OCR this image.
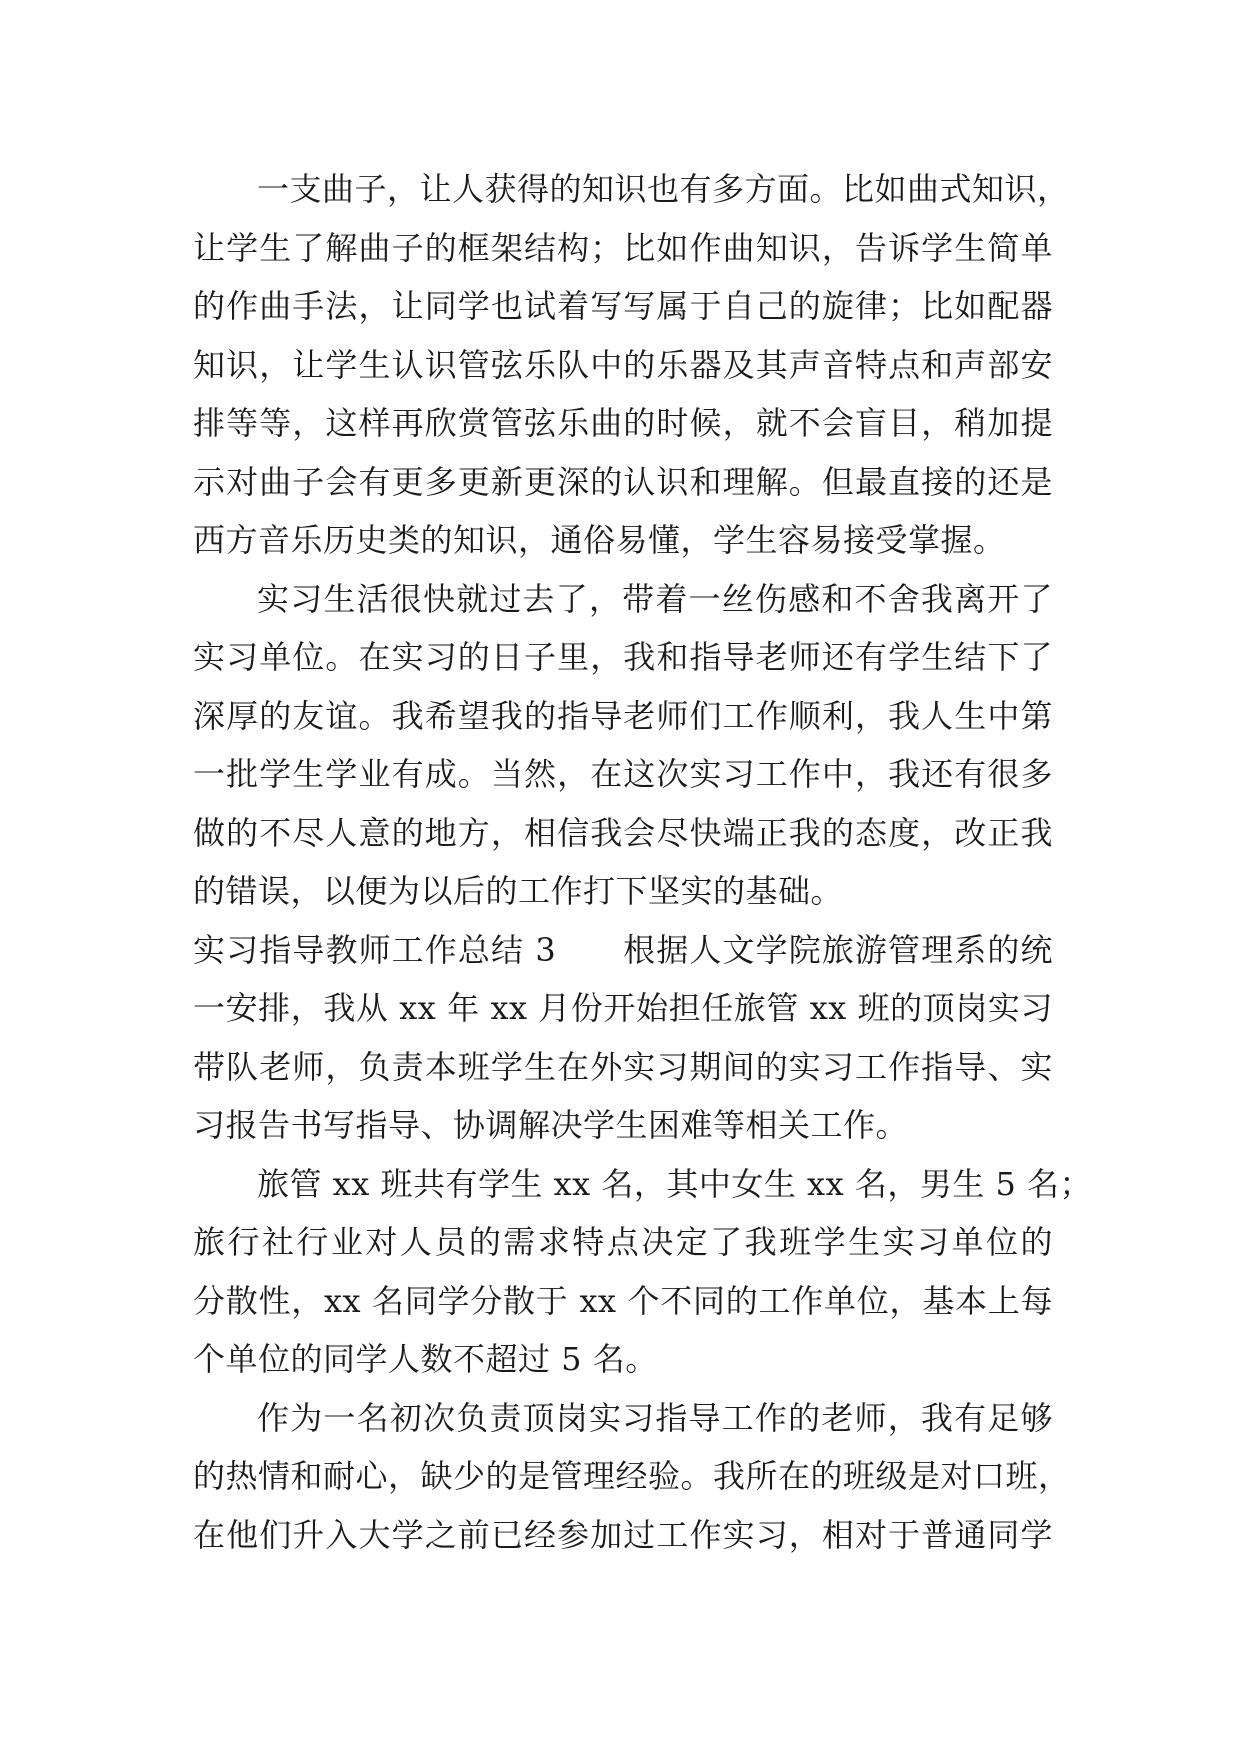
一支曲子，让人获得的知识也有多方面。比如曲式知识，
让学生了解曲子的框架结构；比如作曲知识，告诉学生简单
的作曲手法，让同学也试着写写属于自己的旋律；比如配器
知识，让学生认识管弦乐队中的乐器及其声音特点和声部安
排等等，这样再欣赏管弦乐曲的时候，就不会盲目，稍加提
示对曲子会有更多更新更深的认识和理解。但最直接的还是
西方音乐历史类的知识，通俗易懂，学生容易接受掌握。
实习生活很快就过去了，带着一丝伤感和不舍我离开了
实习单位。在实习的日子里，我和指导老师还有学生结下了
深厚的友谊。我希望我的指导老师们工作顺利，我人生中第
一批学生学业有成。当然，在这次实习工作中，我还有很多
做的不尽人意的地方，相信我会尽快端正我的态度，改正我
的错误，以便为以后的工作打下坚实的基础。
实习指导教师工作总结 3　　根据人文学院旅游管理系的统
一安排，我从 xx 年 xx 月份开始担任旅管 xx 班的顶岗实习
带队老师，负责本班学生在外实习期间的实习工作指导、实
习报告书写指导、协调解决学生困难等相关工作。
旅管 xx 班共有学生 xx 名，其中女生 xx 名，男生 5 名；
旅行社行业对人员的需求特点决定了我班学生实习单位的
分散性，xx 名同学分散于 xx 个不同的工作单位，基本上每
个单位的同学人数不超过 5 名。
作为一名初次负责顶岗实习指导工作的老师，我有足够
的热情和耐心，缺少的是管理经验。我所在的班级是对口班，
在他们升入大学之前已经参加过工作实习，相对于普通同学
